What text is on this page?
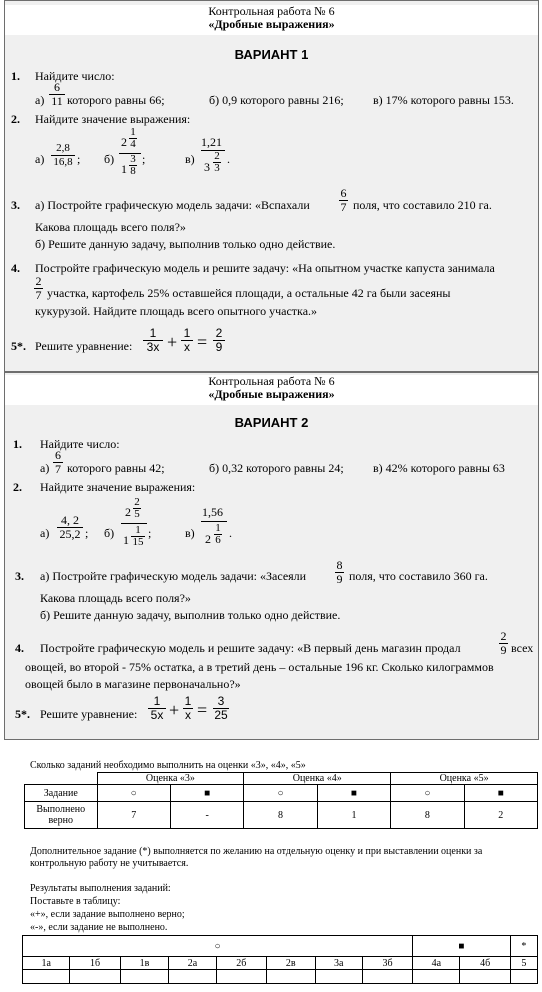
Контрольная работа № 6
«Дробные выражения»
ВАРИАНТ 1
1. Найдите число:
а)
6
11 которого равны 66;	б) 0,9 которого равны 216; в) 17% которого равны 153.
2. Найдите значение выражения:
а)
2,8
16,8 ; б)
2
1
4
1
3
8
;	в)
1,21
3
2
3
.
3. а) Постройте графическую модель задачи: «Вспахали
6
7 поля, что составило 210 га.
Какова площадь всего поля?»
б) Решите данную задачу, выполнив только одно действие.
4. Постройте графическую модель и решите задачу: «На опытном участке капуста занимала
2
7 участка, картофель 25% оставшейся площади, а остальные 42 га были засеяны
кукурузой. Найдите площадь всего опытного участка.»
5*. Решите уравнение:
1
3x + 1
x = 2
9
Контрольная работа № 6
«Дробные выражения»
ВАРИАНТ 2
1. Найдите число:
а)
6
7 которого равны 42;	б) 0,32 которого равны 24; в) 42% которого равны 63
2. Найдите значение выражения:
а)
4, 2
25,2 ; б)
2
2
5
1
1
15
;	в)
1,56
2
1
6 .
3. а) Постройте графическую модель задачи: «Засеяли
8
9 поля, что составило 360 га.
Какова площадь всего поля?»
б) Решите данную задачу, выполнив только одно действие.
4. Постройте графическую модель и решите задачу: «В первый день магазин продал
2
9 всех
овощей, во второй - 75% остатка, а в третий день – остальные 196 кг. Сколько килограммов
овощей было в магазине первоначально?»
5*. Решите уравнение:
1
5x + 1
x = 3
25
Сколько заданий необходимо выполнить на оценки «3», «4», «5»
	Оценка «3»		Оценка «4»		Оценка «5»	
Задание	○	■	○	■	○	■
Выполнено верно	7	-	8	1	8	2
Дополнительное задание (*) выполняется по желанию на отдельную оценку и при выставлении оценки за контрольную работу не учитывается.
Результаты выполнения заданий:
Поставьте в таблицу:
«+», если задание выполнено верно;
«-», если задание не выполнено.
○								■		*
1а	1б	1в	2а	2б	2в	3а	3б	4а	4б	5
